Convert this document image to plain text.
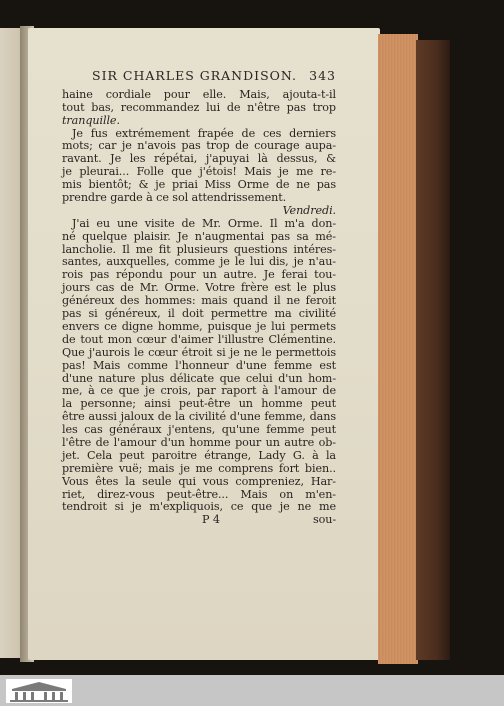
SIR CHARLES GRANDISON. 343
haine cordiale pour elle. Mais, ajouta-t-il
tout bas, recommandez lui de n'être pas trop
tranquille.
Je fus extrémement frapée de ces derniers
mots; car je n'avois pas trop de courage aupa-
ravant. Je les répétai, j'apuyai là dessus, &
je pleurai... Folle que j'étois! Mais je me re-
mis bientôt; & je priai Miss Orme de ne pas
prendre garde à ce sol attendrissement.
Vendredi.
J'ai eu une visite de Mr. Orme. Il m'a don-
né quelque plaisir. Je n'augmentai pas sa mé-
lancholie. Il me fit plusieurs questions intéres-
santes, auxquelles, comme je le lui dis, je n'au-
rois pas répondu pour un autre. Je ferai tou-
jours cas de Mr. Orme. Votre frère est le plus
généreux des hommes: mais quand il ne feroit
pas si généreux, il doit permettre ma civilité
envers ce digne homme, puisque je lui permets
de tout mon cœur d'aimer l'illustre Clémentine.
Que j'aurois le cœur étroit si je ne le permettois
pas! Mais comme l'honneur d'une femme est
d'une nature plus délicate que celui d'un hom-
me, à ce que je crois, par raport à l'amour de
la personne; ainsi peut-être un homme peut
être aussi jaloux de la civilité d'une femme, dans
les cas généraux j'entens, qu'une femme peut
l'être de l'amour d'un homme pour un autre ob-
jet. Cela peut paroitre étrange, Lady G. à la
première vuë; mais je me comprens fort bien..
Vous êtes la seule qui vous compreniez, Har-
riet, direz-vous peut-être... Mais on m'en-
tendroit si je m'expliquois, ce que je ne me
P 4	sou-
